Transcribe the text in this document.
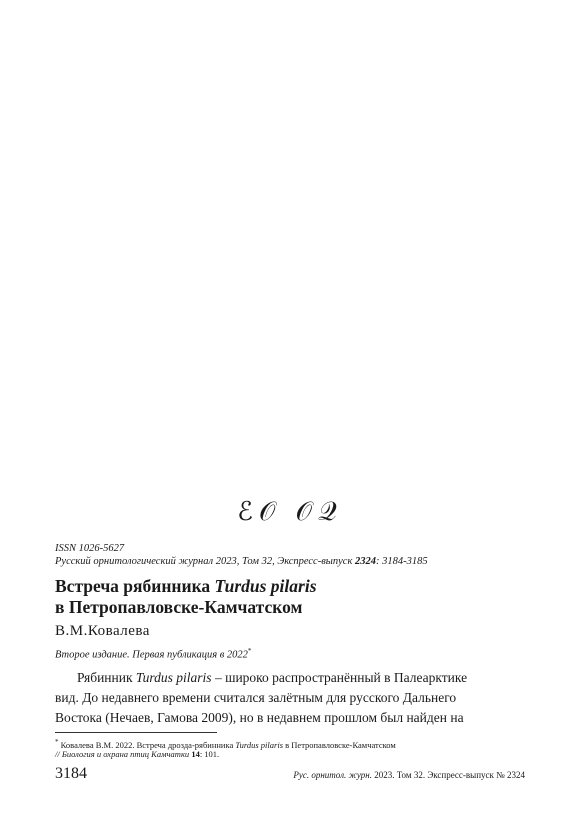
ℰ𝒪 𝒪𝒬
ISSN 1026-5627
Русский орнитологический журнал 2023, Том 32, Экспресс-выпуск 2324: 3184-3185
Встреча рябинника Turdus pilaris
в Петропавловске-Камчатском
В.М.Ковалева
Второе издание. Первая публикация в 2022*
Рябинник Turdus pilaris – широко распространённый в Палеарктике
вид. До недавнего времени считался залётным для русского Дальнего
Востока (Нечаев, Гамова 2009), но в недавнем прошлом был найден на
* Ковалева В.М. 2022. Встреча дрозда-рябинника Turdus pilaris в Петропавловске-Камчатском
// Биология и охрана птиц Камчатки 14: 101.
3184	Рус. орнитол. журн. 2023. Том 32. Экспресс-выпуск № 2324
